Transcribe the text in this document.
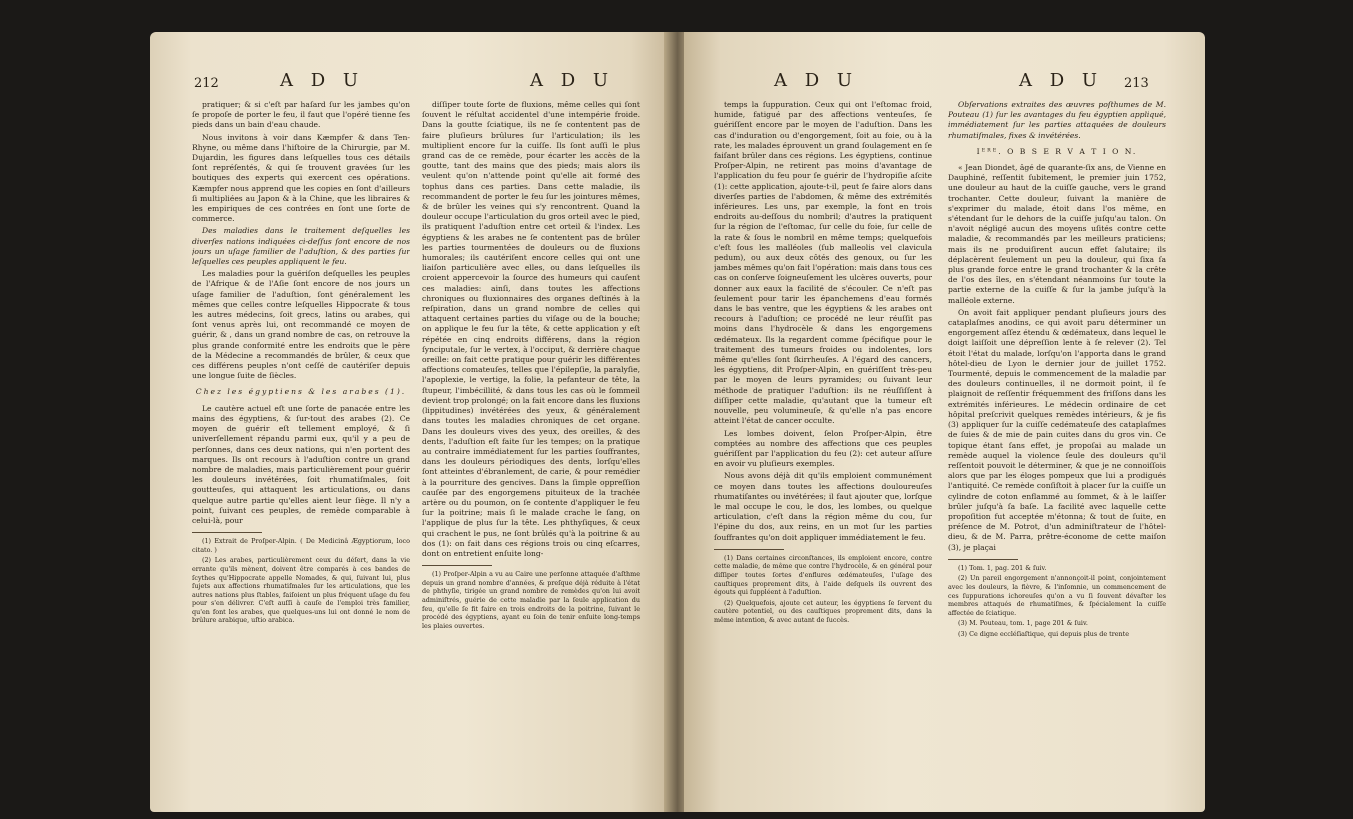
212	A D U	A D U

pratiquer; & si c'eſt par haſard ſur les jambes qu'on ſe propoſe de porter le feu, il faut que l'opéré tienne ſes pieds dans un bain d'eau chaude.

Nous invitons à voir dans Kæmpfer & dans Ten-Rhyne, ou même dans l'hiſtoire de la Chirurgie, par M. Dujardin, les figures dans leſquelles tous ces détails ſont repréſentés, & qui ſe trouvent gravées ſur les boutiques des experts qui exercent ces opérations. Kæmpfer nous apprend que les copies en ſont d'ailleurs ſi multipliées au Japon & à la Chine, que les libraires & les empiriques de ces contrées en ſont une ſorte de commerce.

Des maladies dans le traitement deſquelles les diverſes nations indiquées ci-deſſus ſont encore de nos jours un uſage familier de l'aduſtion, & des parties ſur leſquelles ces peuples appliquent le feu.

Les maladies pour la guériſon deſquelles les peuples de l'Afrique & de l'Aſie ſont encore de nos jours un uſage familier de l'aduſtion, ſont généralement les mêmes que celles contre leſquelles Hippocrate & tous les autres médecins, ſoit grecs, latins ou arabes, qui ſont venus après lui, ont recommandé ce moyen de guérir, & , dans un grand nombre de cas, on retrouve la plus grande conformité entre les endroits que le père de la Médecine a recommandés de brûler, & ceux que ces différens peuples n'ont ceſſé de cautériſer depuis une longue ſuite de ſiècles.

Chez les égyptiens & les arabes (1).

Le cautère actuel eſt une ſorte de panacée entre les mains des égyptiens, & ſur-tout des arabes (2). Ce moyen de guérir eſt tellement employé, & ſi univerſellement répandu parmi eux, qu'il y a peu de perſonnes, dans ces deux nations, qui n'en portent des marques. Ils ont recours à l'aduſtion contre un grand nombre de maladies, mais particulièrement pour guérir les douleurs invétérées, ſoit rhumatiſmales, ſoit goutteuſes, qui attaquent les articulations, ou dans quelque autre partie qu'elles aient leur ſiège. Il n'y a point, ſuivant ces peuples, de remède comparable à celui-là, pour

(1) Extrait de Proſper-Alpin. ( De Medicinâ Ægyptiorum, loco citato. )

(2) Les arabes, particulièrement ceux du déſert, dans la vie errante qu'ils mènent, doivent être comparés à ces bandes de ſcythes qu'Hippocrate appelle Nomades, & qui, ſuivant lui, plus ſujets aux affections rhumatiſmales ſur les articulations, que les autres nations plus ſtables, faiſoient un plus fréquent uſage du feu pour s'en délivrer. C'eſt auſſi à cauſe de l'emploi très familier, qu'en font les arabes, que quelques-uns lui ont donné le nom de brûlure arabique, uſtio arabica.

diſſiper toute ſorte de fluxions, même celles qui ſont ſouvent le réſultat accidentel d'une intempérie froide. Dans la goutte ſciatique, ils ne ſe contentent pas de faire pluſieurs brûlures ſur l'articulation; ils les multiplient encore ſur la cuiſſe. Ils ſont auſſi le plus grand cas de ce remède, pour écarter les accès de la goutte, tant des mains que des pieds; mais alors ils veulent qu'on n'attende point qu'elle ait formé des tophus dans ces parties. Dans cette maladie, ils recommandent de porter le feu ſur les jointures mêmes, & de brûler les veines qui s'y rencontrent. Quand la douleur occupe l'articulation du gros orteil avec le pied, ils pratiquent l'aduſtion entre cet orteil & l'index. Les égyptiens & les arabes ne ſe contentent pas de brûler les parties tourmentées de douleurs ou de fluxions humorales; ils cautériſent encore celles qui ont une liaiſon particulière avec elles, ou dans leſquelles ils croient appercevoir la ſource des humeurs qui cauſent ces maladies: ainſi, dans toutes les affections chroniques ou fluxionnaires des organes deſtinés à la reſpiration, dans un grand nombre de celles qui attaquent certaines parties du viſage ou de la bouche; on applique le feu ſur la tête, & cette application y eſt répétée en cinq endroits différens, dans la région ſynciputale, ſur le vertex, à l'occiput, & derrière chaque oreille: on fait cette pratique pour guérir les différentes affections comateuſes, telles que l'épilepſie, la paralyſie, l'apoplexie, le vertige, la folie, la pefanteur de tête, la ſtupeur, l'imbécillité, & dans tous les cas où le ſommeil devient trop prolongé; on la fait encore dans les fluxions (lippitudines) invétérées des yeux, & généralement dans toutes les maladies chroniques de cet organe. Dans les douleurs vives des yeux, des oreilles, & des dents, l'aduſtion eſt faite ſur les tempes; on la pratique au contraire immédiatement ſur les parties ſouffrantes, dans les douleurs périodiques des dents, lorſqu'elles ſont atteintes d'ébranlement, de carie, & pour remédier à la pourriture des gencives. Dans la ſimple oppreſſion cauſée par des engorgemens pituiteux de la trachée artère ou du poumon, on ſe contente d'appliquer le feu ſur la poitrine; mais ſi le malade crache le ſang, on l'applique de plus ſur la tête. Les phthyſiques, & ceux qui crachent le pus, ne ſont brûlés qu'à la poitrine & au dos (1): on fait dans ces régions trois ou cinq eſcarres, dont on entretient enſuite long-

(1) Proſper-Alpin a vu au Caire une perſonne attaquée d'aſthme depuis un grand nombre d'années, & preſque déjà réduite à l'état de phthyſie, tirigée un grand nombre de remèdes qu'on lui avoit adminiſtrés, guérie de cette maladie par la ſeule application du feu, qu'elle ſe fit faire en trois endroits de la poitrine, ſuivant le procédé des égyptiens, ayant eu ſoin de tenir enſuite long-temps les plaies ouvertes.

A D U	A D U 213

temps la ſuppuration. Ceux qui ont l'eſtomac froid, humide, fatigué par des affections venteuſes, ſe guériſſent encore par le moyen de l'aduſtion. Dans les cas d'induration ou d'engorgement, ſoit au foie, ou à la rate, les malades éprouvent un grand ſoulagement en ſe faiſant brûler dans ces régions. Les égyptiens, continue Proſper-Alpin, ne retirent pas moins d'avantage de l'application du feu pour ſe guérir de l'hydropiſie aſcite (1): cette application, ajoute-t-il, peut ſe faire alors dans diverſes parties de l'abdomen, & même des extrémités inférieures. Les uns, par exemple, la font en trois endroits au-deſſous du nombril; d'autres la pratiquent ſur la région de l'eſtomac, ſur celle du foie, ſur celle de la rate & ſous le nombril en même temps; quelquefois c'eſt ſous les malléoles (ſub malleolis vel clavicula pedum), ou aux deux côtés des genoux, ou ſur les jambes mêmes qu'on fait l'opération: mais dans tous ces cas on conſerve ſoigneuſement les ulcères ouverts, pour donner aux eaux la facilité de s'écouler. Ce n'eſt pas ſeulement pour tarir les épanchemens d'eau formés dans le bas ventre, que les égyptiens & les arabes ont recours à l'aduſtion; ce procédé ne leur réuſſit pas moins dans l'hydrocèle & dans les engorgemens œdémateux. Ils la regardent comme ſpécifique pour le traitement des tumeurs froides ou indolentes, lors même qu'elles ſont ſkirrheuſes. A l'égard des cancers, les égyptiens, dit Proſper-Alpin, en guériſſent très-peu par le moyen de leurs pyramides; ou ſuivant leur méthode de pratiquer l'aduſtion: ils ne réuſſiſſent à diſſiper cette maladie, qu'autant que la tumeur eſt nouvelle, peu volumineuſe, & qu'elle n'a pas encore atteint l'état de cancer occulte.

Les lombes doivent, ſelon Proſper-Alpin, être comptées au nombre des affections que ces peuples guériſſent par l'application du feu (2): cet auteur aſſure en avoir vu pluſieurs exemples.

Nous avons déjà dit qu'ils emploient communément ce moyen dans toutes les affections douloureuſes rhumatiſantes ou invétérées; il faut ajouter que, lorſque le mal occupe le cou, le dos, les lombes, ou quelque articulation, c'eſt dans la région même du cou, ſur l'épine du dos, aux reins, en un mot ſur les parties ſouffrantes qu'on doit appliquer immédiatement le feu.

(1) Dans certaines circonſtances, ils emploient encore, contre cette maladie, de même que contre l'hydrocèle, & en général pour diſſiper toutes ſortes d'enflures œdémateuſes, l'uſage des cauſtiques proprement dits, à l'aide deſquels ils ouvrent des égouts qui ſuppléent à l'aduſtion.

(2) Quelquefois, ajoute cet auteur, les égyptiens ſe ſervent du cautère potentiel, ou des cauſtiques proprement dits, dans la même intention, & avec autant de ſuccès.

Obſervations extraites des œuvres poſthumes de M. Pouteau (1) ſur les avantages du feu égyptien appliqué, immédiatement ſur les parties attaquées de douleurs rhumatiſmales, fixes & invétérées.

Iᴱᴿᴱ. O B S E R V A T I O N.

« Jean Diondet, âgé de quarante-ſix ans, de Vienne en Dauphiné, reſſentit ſubitement, le premier juin 1752, une douleur au haut de la cuiſſe gauche, vers le grand trochanter. Cette douleur, ſuivant la manière de s'exprimer du malade, étoit dans l'os même, en s'étendant ſur le dehors de la cuiſſe juſqu'au talon. On n'avoit négligé aucun des moyens uſités contre cette maladie, & recommandés par les meilleurs praticiens; mais ils ne produiſirent aucun effet ſalutaire; ils déplacèrent ſeulement un peu la douleur, qui ſixa ſa plus grande force entre le grand trochanter & la crête de l'os des îles, en s'étendant néanmoins ſur toute la partie externe de la cuiſſe & ſur la jambe juſqu'à la malléole externe.

On avoit fait appliquer pendant pluſieurs jours des cataplaſmes anodins, ce qui avoit paru déterminer un engorgement aſſez étendu & œdémateux, dans lequel le doigt laiſſoit une dépreſſion lente à ſe relever (2). Tel étoit l'état du malade, lorſqu'on l'apporta dans le grand hôtel-dieu de Lyon le dernier jour de juillet 1752. Tourmenté, depuis le commencement de la maladie par des douleurs continuelles, il ne dormoit point, il ſe plaignoit de reſſentir fréquemment des friſſons dans les extrémités inférieures. Le médecin ordinaire de cet hôpital preſcrivit quelques remèdes intérieurs, & je fis (3) appliquer ſur la cuiſſe cedémateuſe des cataplaſmes de ſuies & de mie de pain cuites dans du gros vin. Ce topique étant ſans effet, je propoſai au malade un remède auquel la violence ſeule des douleurs qu'il reſſentoit pouvoit le déterminer, & que je ne connoiſſois alors que par les éloges pompeux que lui a prodigués l'antiquité. Ce remède conſiſtoit à placer ſur la cuiſſe un cylindre de coton enflammé au ſommet, & à le laiſſer brûler juſqu'à ſa baſe. La facilité avec laquelle cette propoſition fut acceptée m'étonna; & tout de ſuite, en préſence de M. Potrot, d'un adminiſtrateur de l'hôtel-dieu, & de M. Parra, prêtre-économe de cette maiſon (3), je plaçai

(1) Tom. 1, pag. 201 & ſuiv.

(2) Un pareil engorgement n'annonçoit-il point, conjointement avec les douleurs, la fièvre, & l'inſomnie, un commencement de ces ſuppurations ichoreuſes qu'on a vu ſi ſouvent dévaſter les membres attaqués de rhumatiſmes, & ſpécialement la cuiſſe affectée de ſciatique.

(3) M. Pouteau, tom. 1, page 201 & ſuiv.

(3) Ce digne eccléſiaſtique, qui depuis plus de trente
